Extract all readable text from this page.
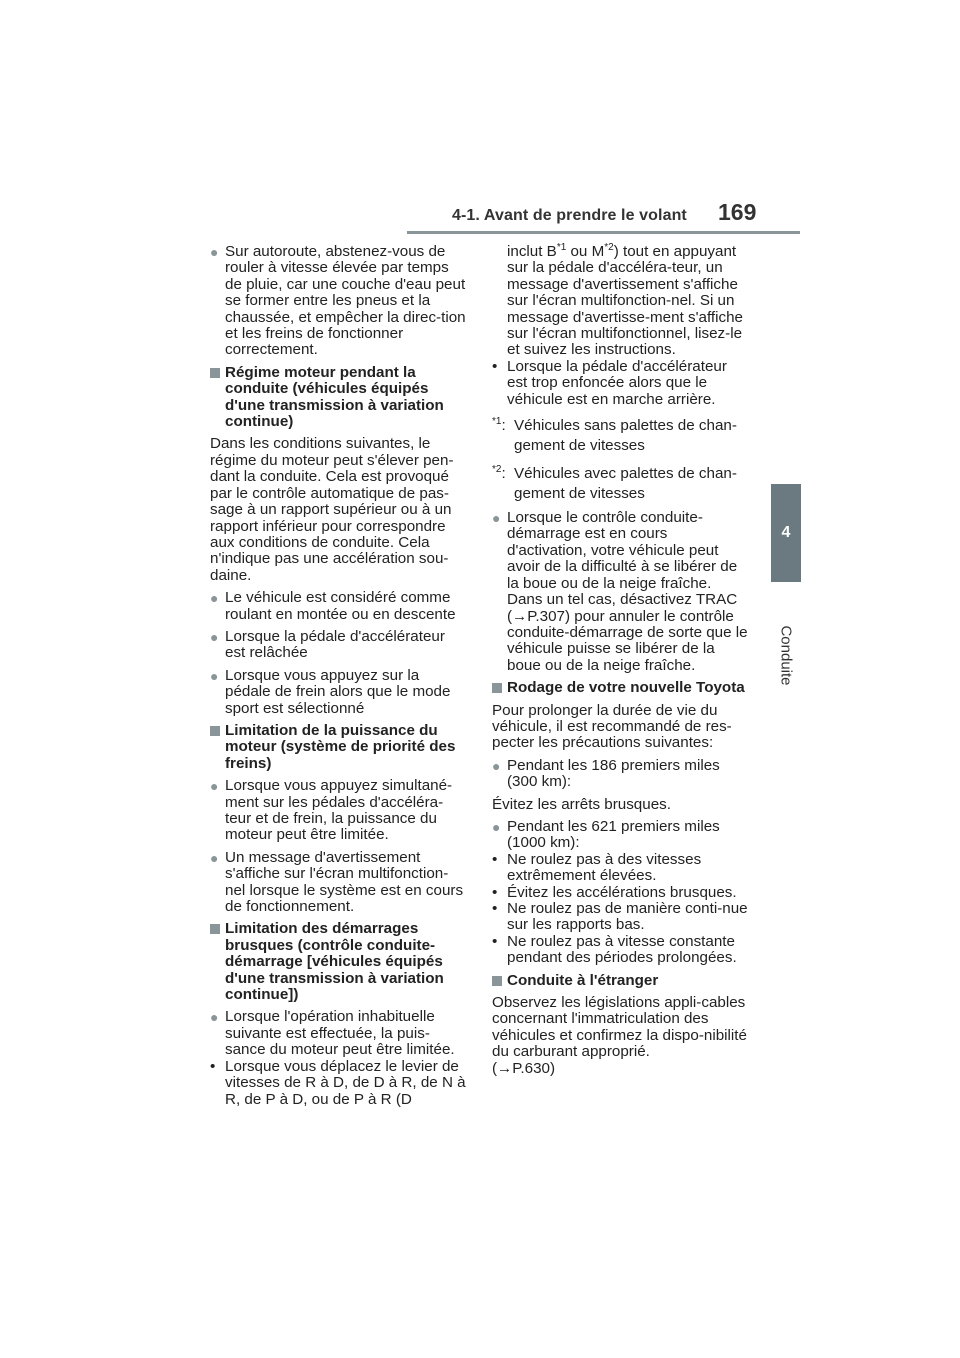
4-1. Avant de prendre le volant 169
4
Conduite
● Sur autoroute, abstenez-vous de rouler à vitesse élevée par temps de pluie, car une couche d'eau peut se former entre les pneus et la chaussée, et empêcher la direc-tion et les freins de fonctionner correctement.
Régime moteur pendant la conduite (véhicules équipés d'une transmission à variation continue)
Dans les conditions suivantes, le régime du moteur peut s'élever pen-dant la conduite. Cela est provoqué par le contrôle automatique de pas-sage à un rapport supérieur ou à un rapport inférieur pour correspondre aux conditions de conduite. Cela n'indique pas une accélération sou-daine.
● Le véhicule est considéré comme roulant en montée ou en descente
● Lorsque la pédale d'accélérateur est relâchée
● Lorsque vous appuyez sur la pédale de frein alors que le mode sport est sélectionné
Limitation de la puissance du moteur (système de priorité des freins)
● Lorsque vous appuyez simultané-ment sur les pédales d'accéléra-teur et de frein, la puissance du moteur peut être limitée.
● Un message d'avertissement s'affiche sur l'écran multifonction-nel lorsque le système est en cours de fonctionnement.
Limitation des démarrages brusques (contrôle conduite-démarrage [véhicules équipés d'une transmission à variation continue])
● Lorsque l'opération inhabituelle suivante est effectuée, la puis-sance du moteur peut être limitée.
• Lorsque vous déplacez le levier de vitesses de R à D, de D à R, de N à R, de P à D, ou de P à R (D
inclut $B^{*1}$ ou $M^{*2}$) tout en appuyant sur la pédale d'accéléra-teur, un message d'avertissement s'affiche sur l'écran multifonction-nel. Si un message d'avertisse-ment s'affiche sur l'écran multifonctionnel, lisez-le et suivez les instructions.
• Lorsque la pédale d'accélérateur est trop enfoncée alors que le véhicule est en marche arrière.
$^{*1}$: Véhicules sans palettes de chan-gement de vitesses
$^{*2}$: Véhicules avec palettes de chan-gement de vitesses
● Lorsque le contrôle conduite-démarrage est en cours d'activation, votre véhicule peut avoir de la difficulté à se libérer de la boue ou de la neige fraîche. Dans un tel cas, désactivez TRAC (→P.307) pour annuler le contrôle conduite-démarrage de sorte que le véhicule puisse se libérer de la boue ou de la neige fraîche.
Rodage de votre nouvelle Toyota
Pour prolonger la durée de vie du véhicule, il est recommandé de res-pecter les précautions suivantes:
● Pendant les 186 premiers miles (300 km):
Évitez les arrêts brusques.
● Pendant les 621 premiers miles (1000 km):
• Ne roulez pas à des vitesses extrêmement élevées.
• Évitez les accélérations brusques.
• Ne roulez pas de manière conti-nue sur les rapports bas.
• Ne roulez pas à vitesse constante pendant des périodes prolongées.
Conduite à l'étranger
Observez les législations appli-cables concernant l'immatriculation des véhicules et confirmez la dispo-nibilité du carburant approprié.
(→P.630)
